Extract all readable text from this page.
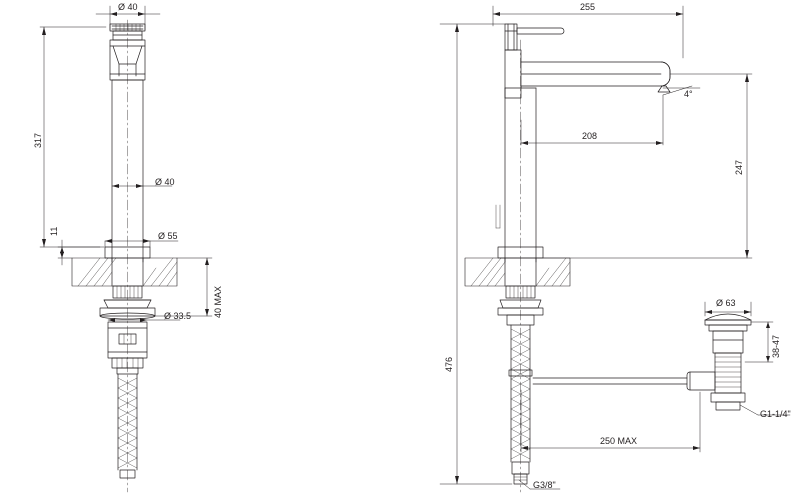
Ø 40
317
Ø 40
Ø 55
11
Ø 33.5 40 MAX
255
208
4°
247
476
Ø 63
38-47
G1-1/4"
250 MAX
G3/8"
